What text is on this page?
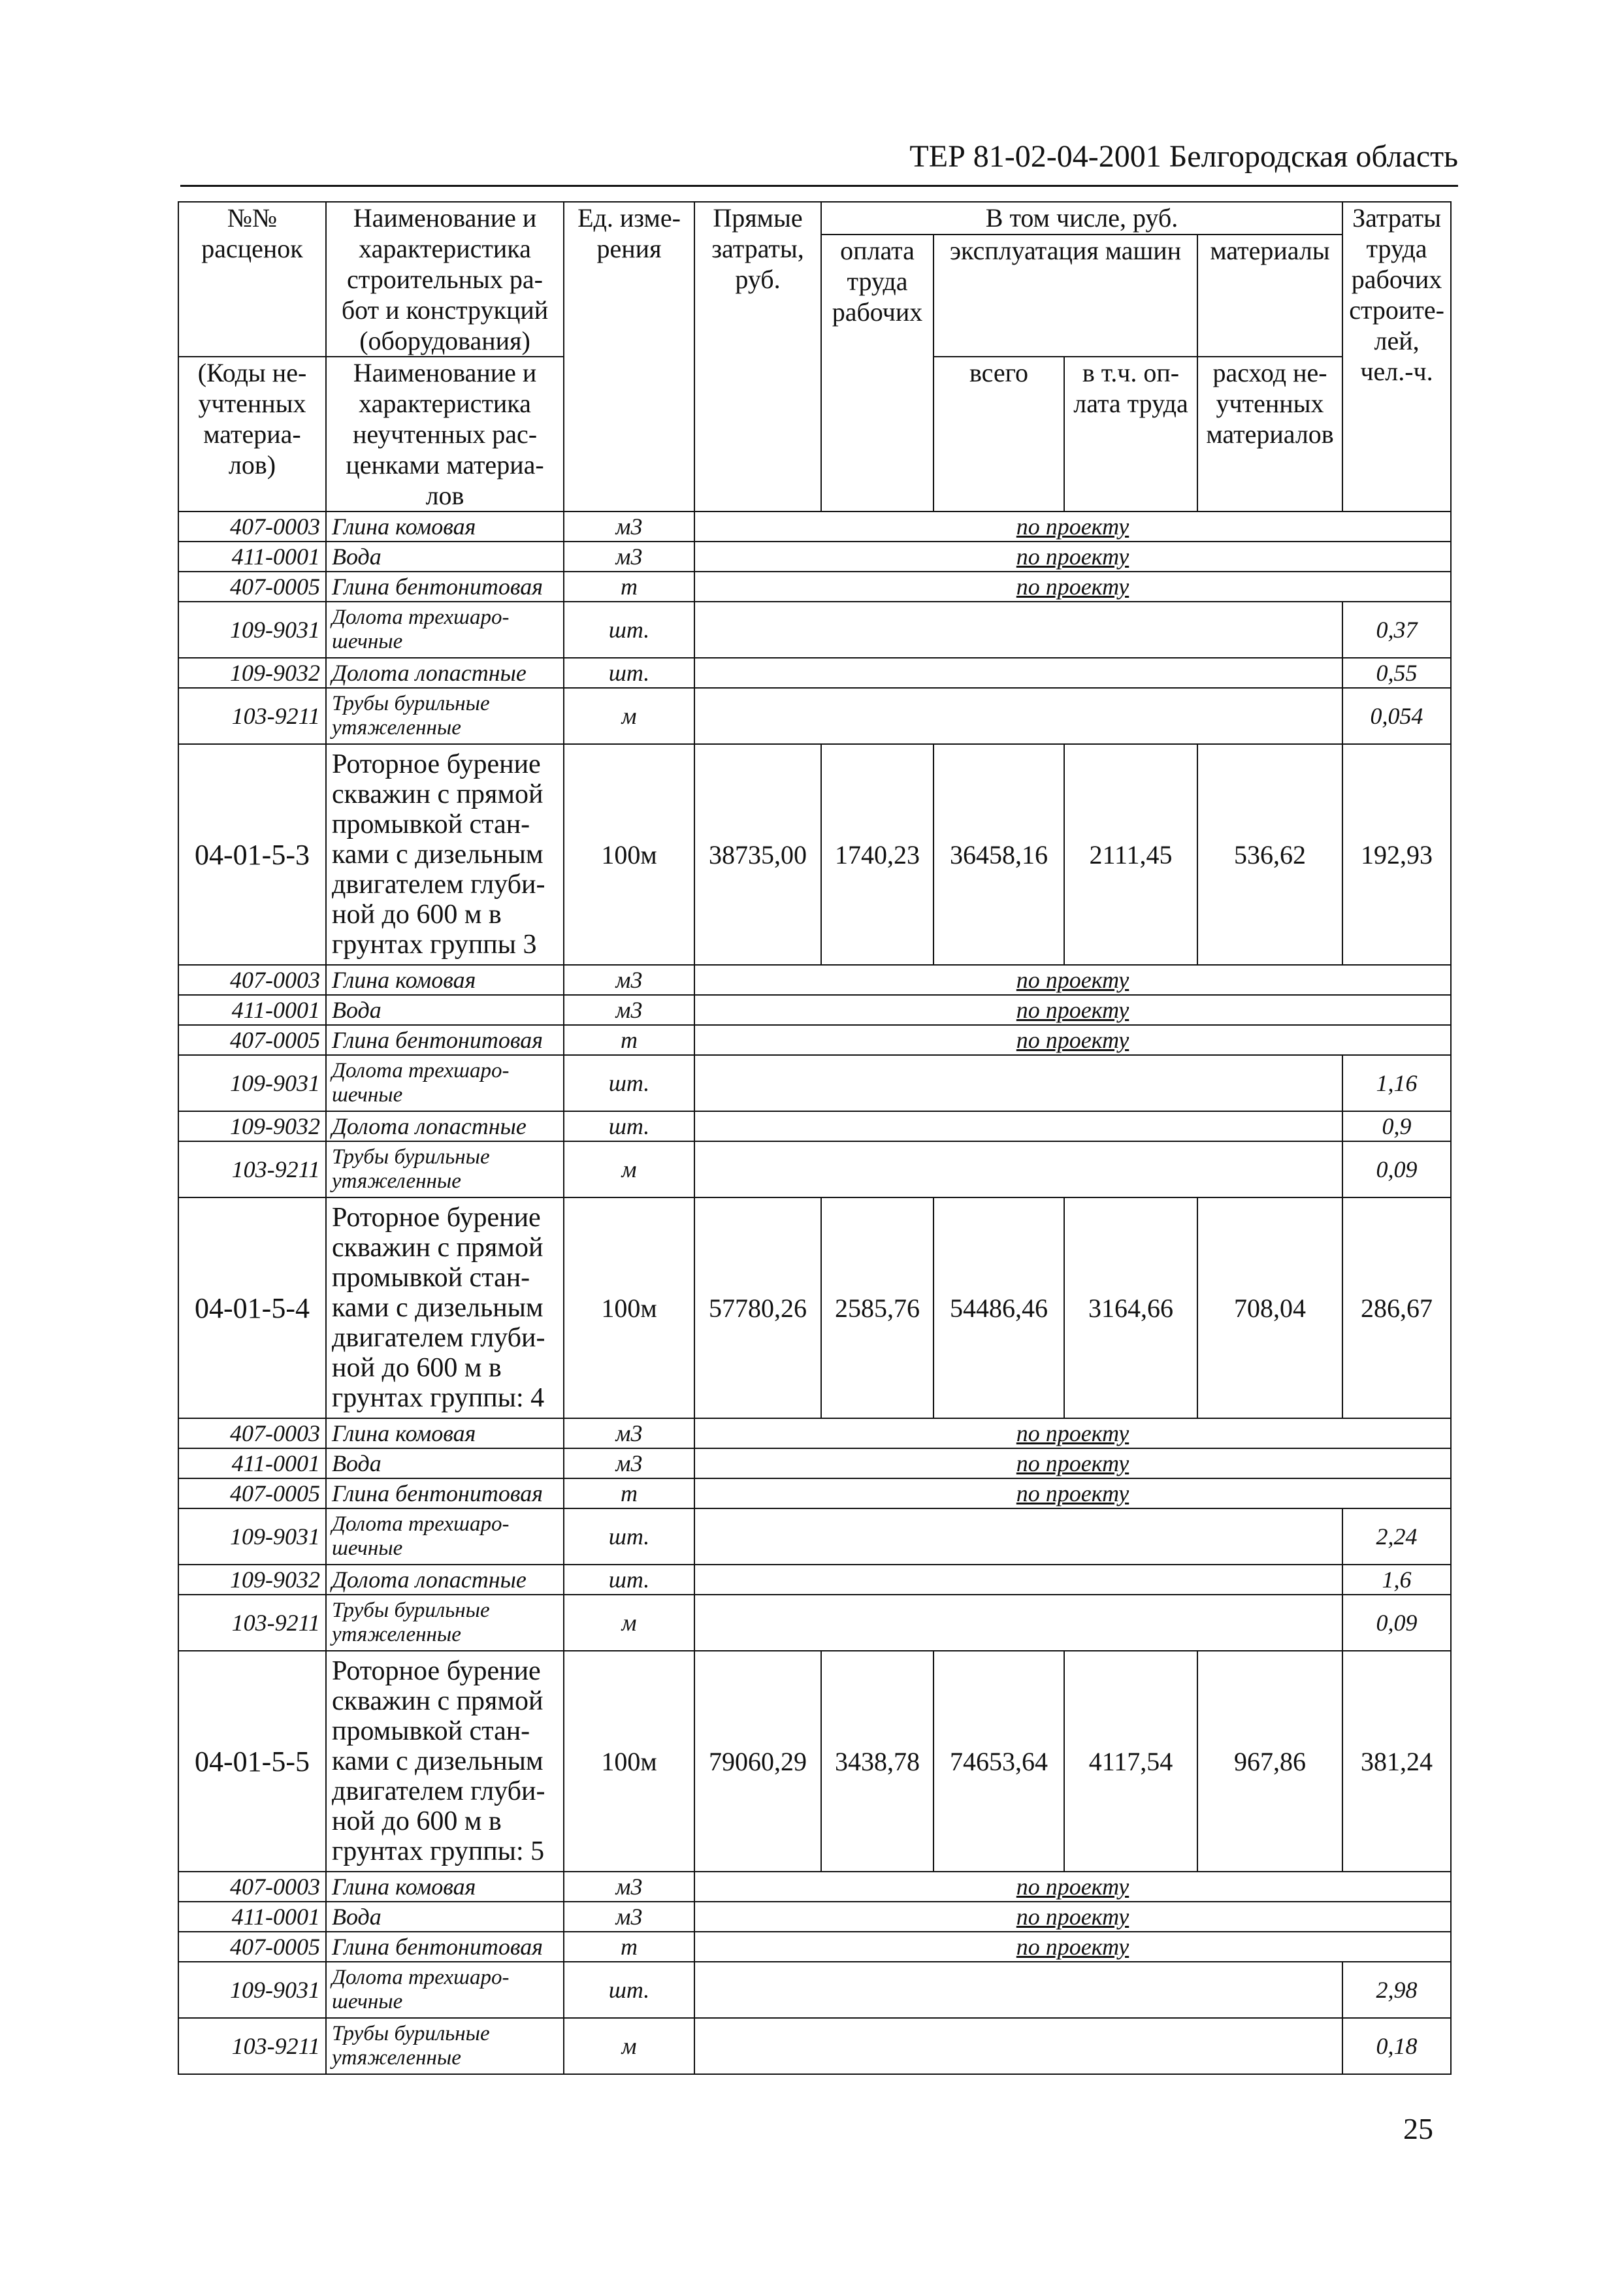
ТЕР 81-02-04-2001 Белгородская область
№№ расценок	Наименование и характеристика строительных ра-бот и конструкций (оборудования)	Ед. изме-рения	Прямые затраты, руб.	В том числе, руб.				Затраты труда рабочих строите-лей, чел.-ч.	
				оплата труда рабочих	эксплуатация машин		материалы		
(Коды не-учтенных материа-лов)	Наименование и характеристика неучтенных рас-ценками материа-лов				всего	в т.ч. оп-лата труда	расход не-учтенных материалов		

407-0003	Глина комовая	м3	по проекту						
411-0001	Вода	м3	по проекту						
407-0005	Глина бентонитовая	т	по проекту						
109-9031	Долота трехшаро-шечные	шт.						0,37	
109-9032	Долота лопастные	шт.						0,55	
103-9211	Трубы бурильные утяжеленные	м						0,054	
04-01-5-3	Роторное бурение скважин с прямой промывкой стан-ками с дизельным двигателем глуби-ной до 600 м в грунтах группы 3	100м	38735,00	1740,23	36458,16	2111,45	536,62	192,93	
407-0003	Глина комовая	м3	по проекту						
411-0001	Вода	м3	по проекту						
407-0005	Глина бентонитовая	т	по проекту						
109-9031	Долота трехшаро-шечные	шт.						1,16	
109-9032	Долота лопастные	шт.						0,9	
103-9211	Трубы бурильные утяжеленные	м						0,09	
04-01-5-4	Роторное бурение скважин с прямой промывкой стан-ками с дизельным двигателем глуби-ной до 600 м в грунтах группы: 4	100м	57780,26	2585,76	54486,46	3164,66	708,04	286,67	
407-0003	Глина комовая	м3	по проекту						
411-0001	Вода	м3	по проекту						
407-0005	Глина бентонитовая	т	по проекту						
109-9031	Долота трехшаро-шечные	шт.						2,24	
109-9032	Долота лопастные	шт.						1,6	
103-9211	Трубы бурильные утяжеленные	м						0,09	
04-01-5-5	Роторное бурение скважин с прямой промывкой стан-ками с дизельным двигателем глуби-ной до 600 м в грунтах группы: 5	100м	79060,29	3438,78	74653,64	4117,54	967,86	381,24	
407-0003	Глина комовая	м3	по проекту						
411-0001	Вода	м3	по проекту						
407-0005	Глина бентонитовая	т	по проекту						
109-9031	Долота трехшаро-шечные	шт.						2,98	
103-9211	Трубы бурильные утяжеленные	м						0,18	
25
